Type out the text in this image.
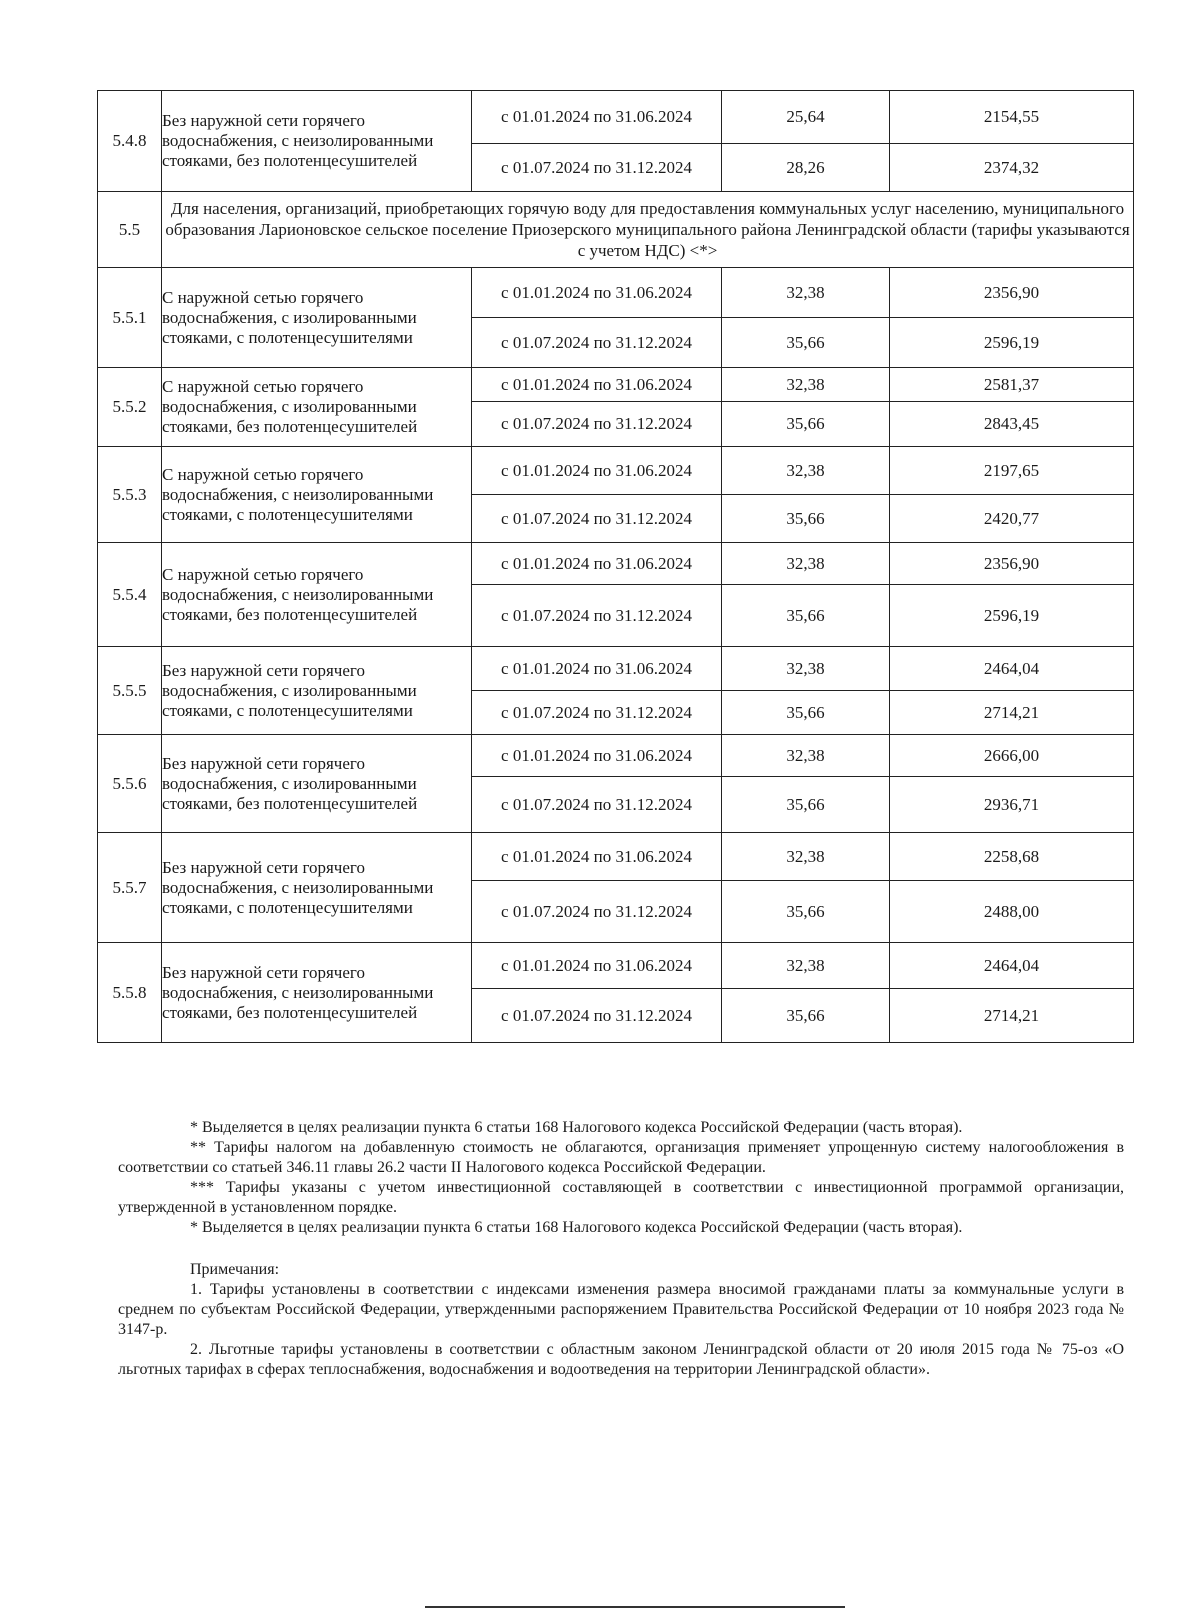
5.4.8	Без наружной сети горячего водоснабжения, с неизолированными стояками, без полотенцесушителей	с 01.01.2024 по 31.06.2024	25,64	2154,55
		с 01.07.2024 по 31.12.2024	28,26	2374,32
5.5	Для населения, организаций, приобретающих горячую воду для предоставления коммунальных услуг населению, муниципального образования Ларионовское сельское поселение Приозерского муниципального района Ленинградской области (тарифы указываются с учетом НДС) <*>			
5.5.1	С наружной сетью горячего водоснабжения, с изолированными стояками, с полотенцесушителями	с 01.01.2024 по 31.06.2024	32,38	2356,90
		с 01.07.2024 по 31.12.2024	35,66	2596,19
5.5.2	С наружной сетью горячего водоснабжения, с изолированными стояками, без полотенцесушителей	с 01.01.2024 по 31.06.2024	32,38	2581,37
		с 01.07.2024 по 31.12.2024	35,66	2843,45
5.5.3	С наружной сетью горячего водоснабжения, с неизолированными стояками, с полотенцесушителями	с 01.01.2024 по 31.06.2024	32,38	2197,65
		с 01.07.2024 по 31.12.2024	35,66	2420,77
5.5.4	С наружной сетью горячего водоснабжения, с неизолированными стояками, без полотенцесушителей	с 01.01.2024 по 31.06.2024	32,38	2356,90
		с 01.07.2024 по 31.12.2024	35,66	2596,19
5.5.5	Без наружной сети горячего водоснабжения, с изолированными стояками, с полотенцесушителями	с 01.01.2024 по 31.06.2024	32,38	2464,04
		с 01.07.2024 по 31.12.2024	35,66	2714,21
5.5.6	Без наружной сети горячего водоснабжения, с изолированными стояками, без полотенцесушителей	с 01.01.2024 по 31.06.2024	32,38	2666,00
		с 01.07.2024 по 31.12.2024	35,66	2936,71
5.5.7	Без наружной сети горячего водоснабжения, с неизолированными стояками, с полотенцесушителями	с 01.01.2024 по 31.06.2024	32,38	2258,68
		с 01.07.2024 по 31.12.2024	35,66	2488,00
5.5.8	Без наружной сети горячего водоснабжения, с неизолированными стояками, без полотенцесушителей	с 01.01.2024 по 31.06.2024	32,38	2464,04
		с 01.07.2024 по 31.12.2024	35,66	2714,21

* Выделяется в целях реализации пункта 6 статьи 168 Налогового кодекса Российской Федерации (часть вторая).

** Тарифы налогом на добавленную стоимость не облагаются, организация применяет упрощенную систему налогообложения в соответствии со статьей 346.11 главы 26.2 части II Налогового кодекса Российской Федерации.

*** Тарифы указаны с учетом инвестиционной составляющей в соответствии с инвестиционной программой организации, утвержденной в установленном порядке.

* Выделяется в целях реализации пункта 6 статьи 168 Налогового кодекса Российской Федерации (часть вторая).

Примечания:

1. Тарифы установлены в соответствии с индексами изменения размера вносимой гражданами платы за коммунальные услуги в среднем по субъектам Российской Федерации, утвержденными распоряжением Правительства Российской Федерации от 10 ноября 2023 года № 3147-р.

2. Льготные тарифы установлены в соответствии с областным законом Ленинградской области от 20 июля 2015 года № 75-оз «О льготных тарифах в сферах теплоснабжения, водоснабжения и водоотведения на территории Ленинградской области».
